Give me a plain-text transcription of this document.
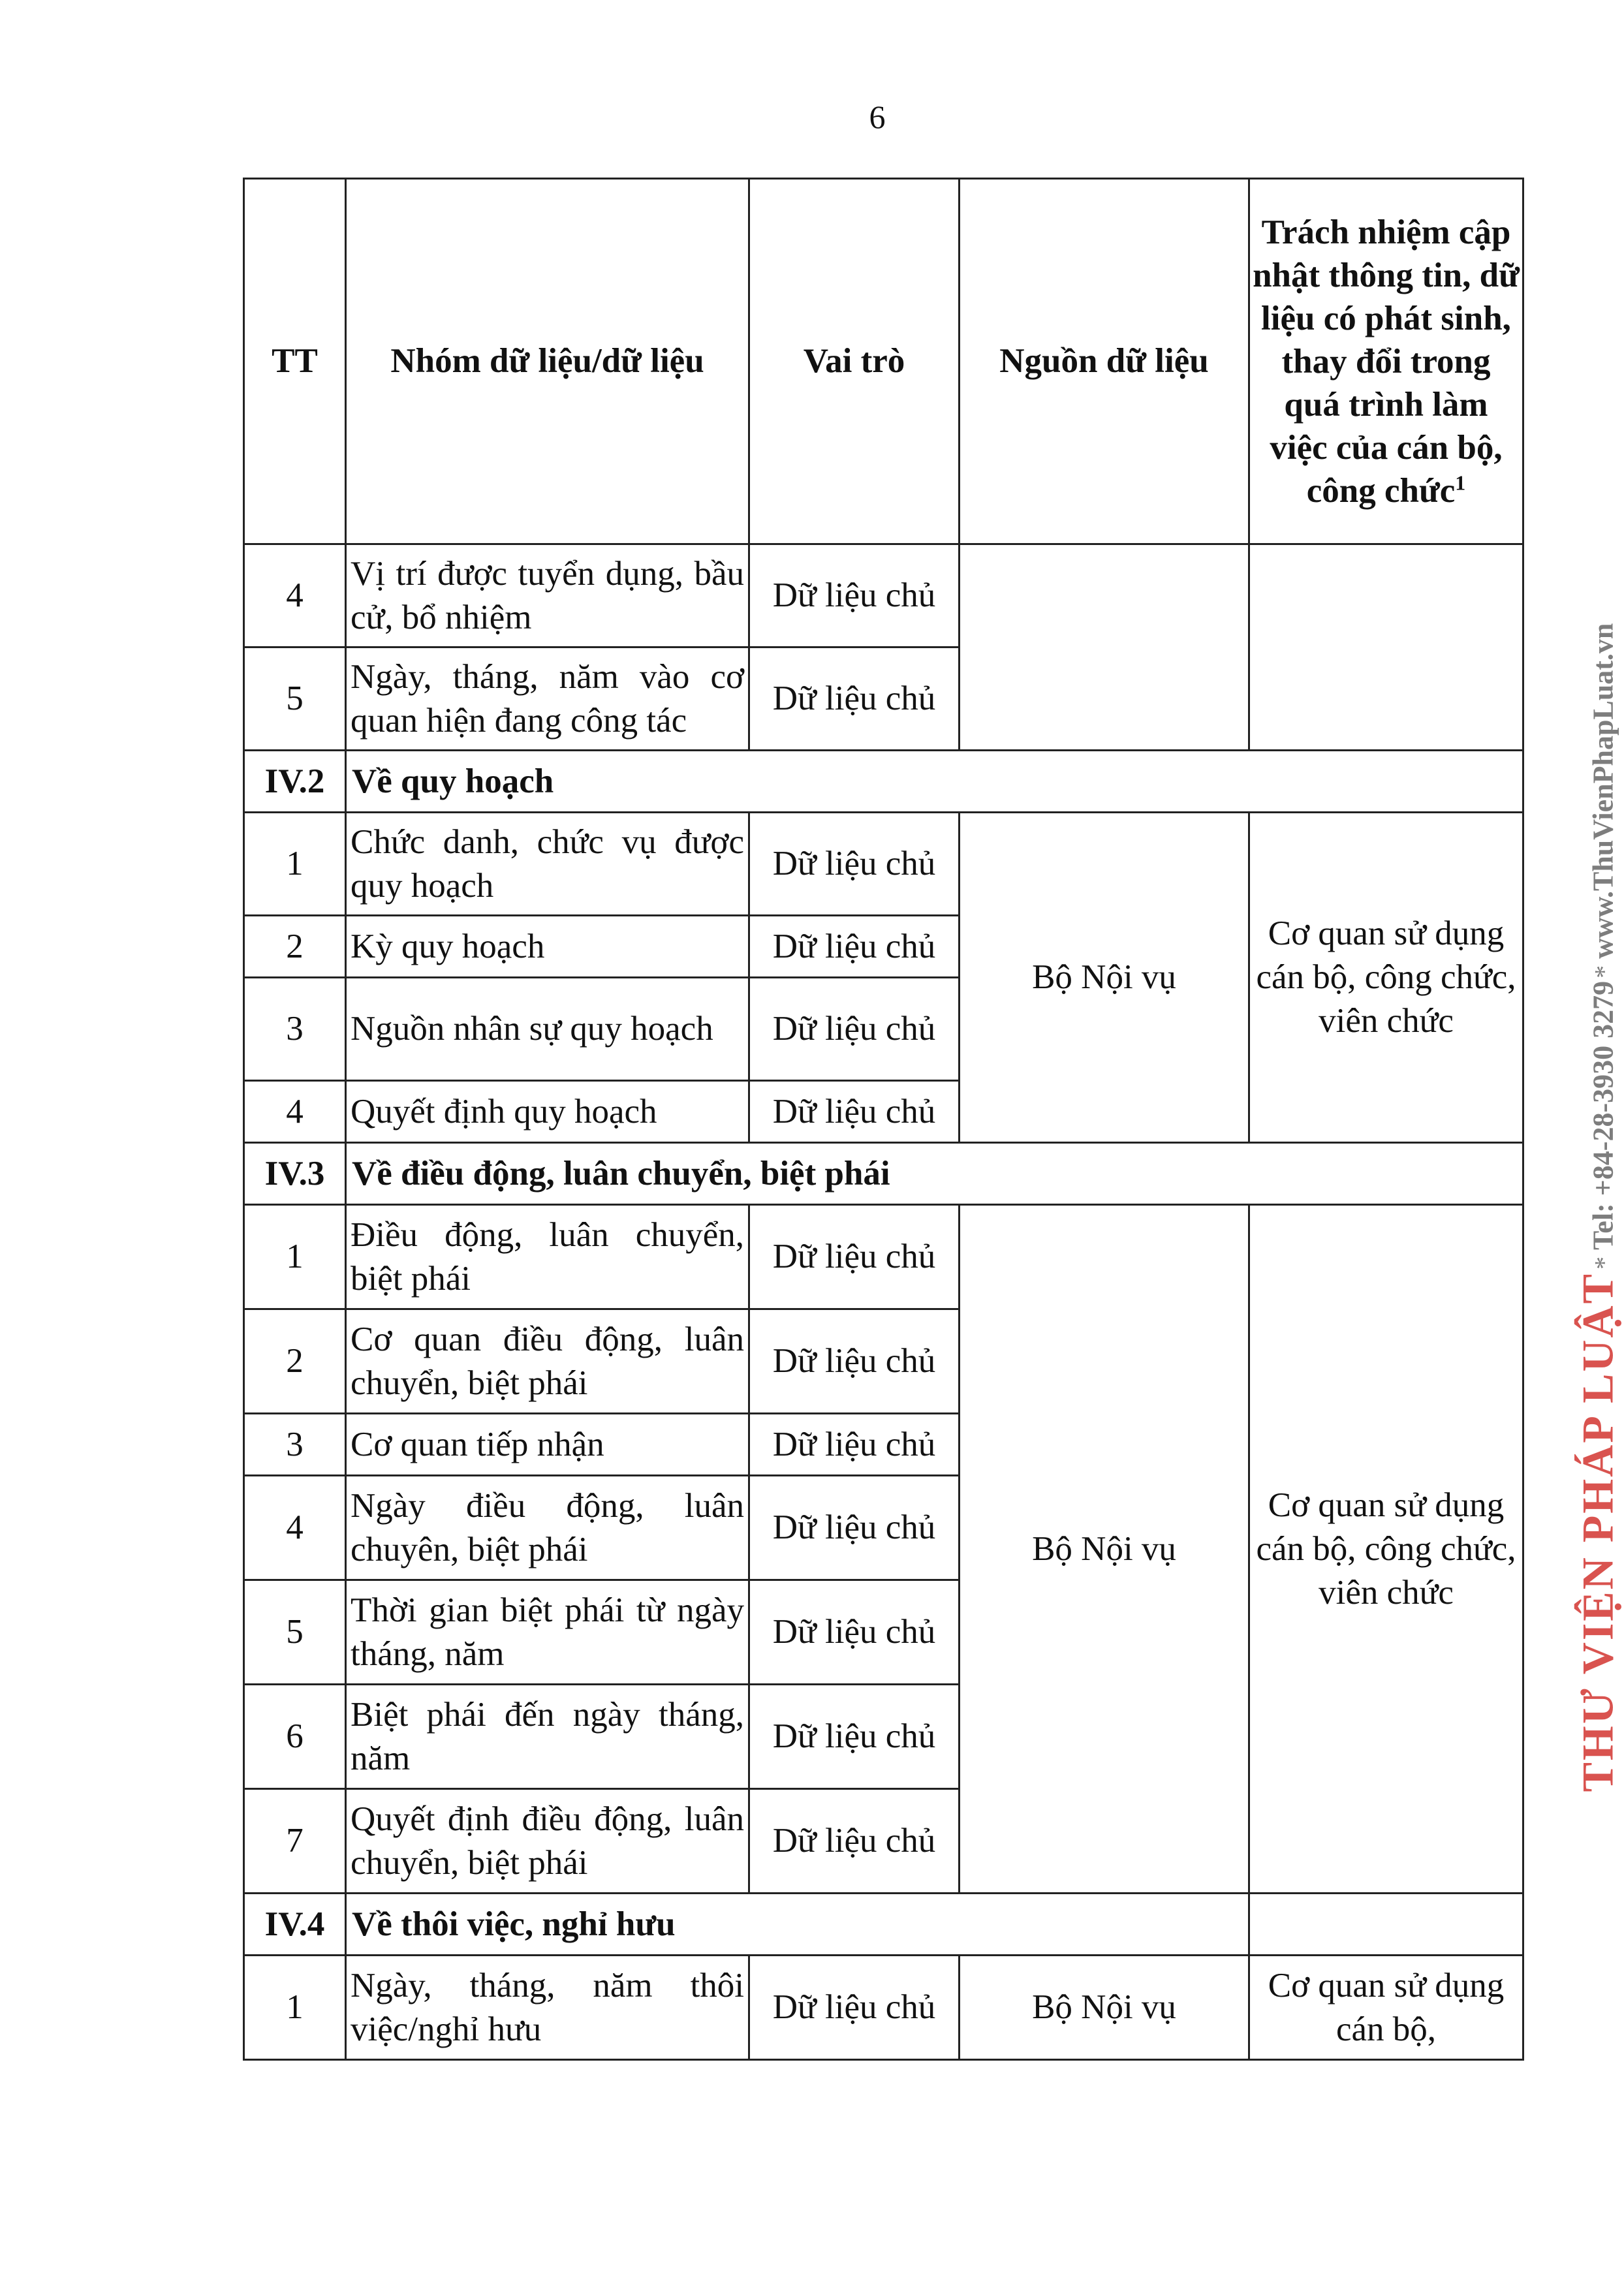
6
TT	Nhóm dữ liệu/dữ liệu	Vai trò	Nguồn dữ liệu	Trách nhiệm cập nhật thông tin, dữ liệu có phát sinh, thay đổi trong quá trình làm việc của cán bộ, công chức$^1$
4	Vị trí được tuyển dụng, bầu cử, bổ nhiệm	Dữ liệu chủ		
5	Ngày, tháng, năm vào cơ quan hiện đang công tác	Dữ liệu chủ		
IV.2	Về quy hoạch			
1	Chức danh, chức vụ được quy hoạch	Dữ liệu chủ	Bộ Nội vụ	Cơ quan sử dụng cán bộ, công chức, viên chức
2	Kỳ quy hoạch	Dữ liệu chủ		
3	Nguồn nhân sự quy hoạch	Dữ liệu chủ		
4	Quyết định quy hoạch	Dữ liệu chủ		
IV.3	Về điều động, luân chuyển, biệt phái			
1	Điều động, luân chuyển, biệt phái	Dữ liệu chủ	Bộ Nội vụ	Cơ quan sử dụng cán bộ, công chức, viên chức
2	Cơ quan điều động, luân chuyển, biệt phái	Dữ liệu chủ		
3	Cơ quan tiếp nhận	Dữ liệu chủ		
4	Ngày điều động, luân chuyên, biệt phái	Dữ liệu chủ		
5	Thời gian biệt phái từ ngày tháng, năm	Dữ liệu chủ		
6	Biệt phái đến ngày tháng, năm	Dữ liệu chủ		
7	Quyết định điều động, luân chuyển, biệt phái	Dữ liệu chủ		
IV.4	Về thôi việc, nghỉ hưu			
1	Ngày, tháng, năm thôi việc/nghỉ hưu	Dữ liệu chủ	Bộ Nội vụ	Cơ quan sử dụng cán bộ,
THƯ VIỆN PHÁP LUẬT * Tel: +84-28-3930 3279 * www.ThuVienPhapLuat.vn
